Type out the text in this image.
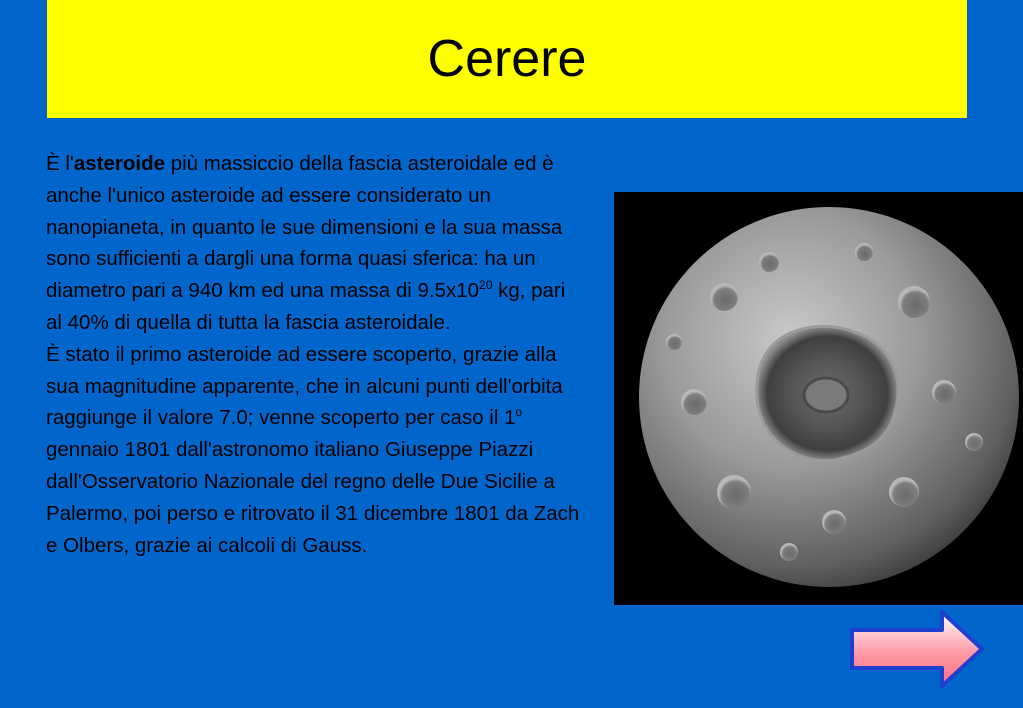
Cerere

È l'asteroide più massiccio della fascia asteroidale ed è anche l'unico asteroide ad essere considerato un nanopianeta, in quanto le sue dimensioni e la sua massa sono sufficienti a dargli una forma quasi sferica: ha un diametro pari a 940 km ed una massa di $9.5x10^{20}$ kg, pari al 40% di quella di tutta la fascia asteroidale.

È stato il primo asteroide ad essere scoperto, grazie alla sua magnitudine apparente, che in alcuni punti dell'orbita raggiunge il valore 7.0; venne scoperto per caso il 1$^o$ gennaio 1801 dall'astronomo italiano Giuseppe Piazzi dall'Osservatorio Nazionale del regno delle Due Sicilie a Palermo, poi perso e ritrovato il 31 dicembre 1801 da Zach e Olbers, grazie ai calcoli di Gauss.
